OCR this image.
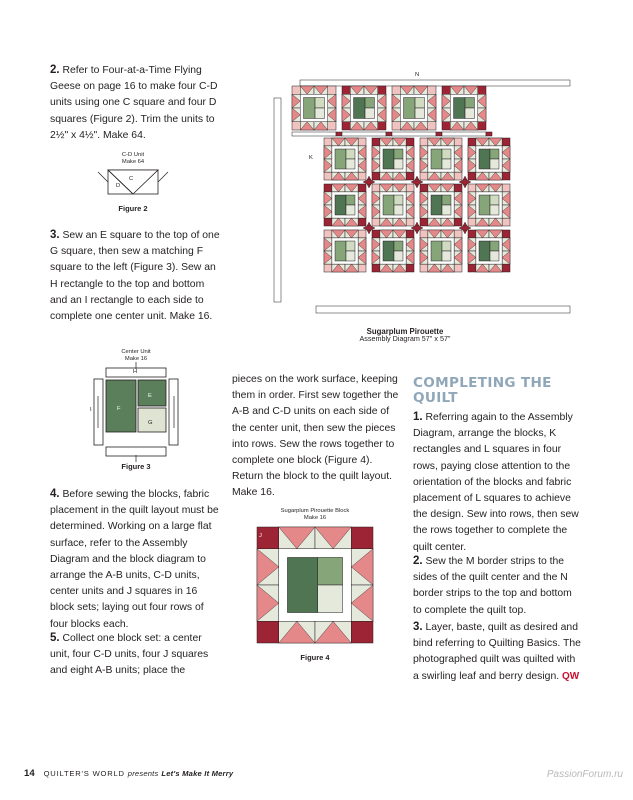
2. Refer to Four-at-a-Time Flying Geese on page 16 to make four C-D units using one C square and four D squares (Figure 2). Trim the units to 2½" x 4½". Make 64.

C-D Unit
Make 64
C
D
Figure 2

3. Sew an E square to the top of one G square, then sew a matching F square to the left (Figure 3). Sew an H rectangle to the top and bottom and an I rectangle to each side to complete one center unit. Make 16.

Center Unit
Make 16
H
I	F
E
G
Figure 3

4. Before sewing the blocks, fabric placement in the quilt layout must be determined. Working on a large flat surface, refer to the Assembly Diagram and the block diagram to arrange the A-B units, C-D units, center units and J squares in 16 block sets; laying out four rows of four blocks each.

5. Collect one block set: a center unit, four C-D units, four J squares and eight A-B units; place the

pieces on the work surface, keeping them in order. First sew together the A-B and C-D units on each side of the center unit, then sew the pieces into rows. Sew the rows together to complete one block (Figure 4). Return the block to the quilt layout. Make 16.

Sugarplum Pirouette Block
Make 16
J
Figure 4
N
K
Sugarplum Pirouette
Assembly Diagram 57" x 57"
COMPLETING THE QUILT

1. Referring again to the Assembly Diagram, arrange the blocks, K rectangles and L squares in four rows, paying close attention to the orientation of the blocks and fabric placement of L squares to achieve the design. Sew into rows, then sew the rows together to complete the quilt center.

2. Sew the M border strips to the sides of the quilt center and the N border strips to the top and bottom to complete the quilt top.

3. Layer, baste, quilt as desired and bind referring to Quilting Basics. The photographed quilt was quilted with a swirling leaf and berry design. QW

14 QUILTER'S WORLD presents Let's Make It Merry	PassionForum.ru
